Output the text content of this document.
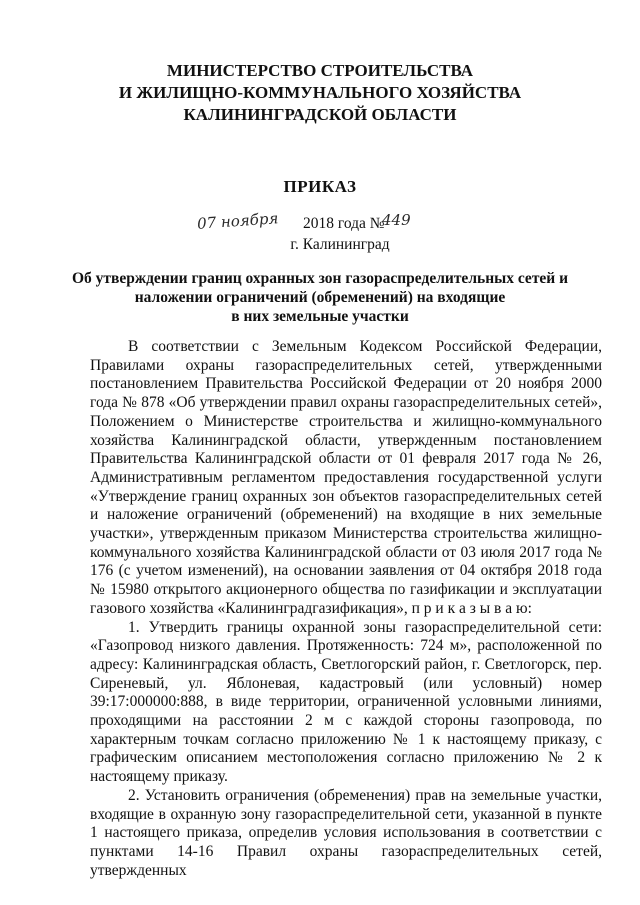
МИНИСТЕРСТВО СТРОИТЕЛЬСТВА
И ЖИЛИЩНО-КОММУНАЛЬНОГО ХОЗЯЙСТВА
КАЛИНИНГРАДСКОЙ ОБЛАСТИ
ПРИКАЗ
07 ноября 2018 года №
449
г. Калининград
Об утверждении границ охранных зон газораспределительных сетей и
наложении ограничений (обременений) на входящие
в них земельные участки

В соответствии с Земельным Кодексом Российской Федерации, Правилами охраны газораспределительных сетей, утвержденными постановлением Правительства Российской Федерации от 20 ноября 2000 года № 878 «Об утверждении правил охраны газораспределительных сетей», Положением о Министерстве строительства и жилищно-коммунального хозяйства Калининградской области, утвержденным постановлением Правительства Калининградской области от 01 февраля 2017 года № 26, Административным регламентом предоставления государственной услуги «Утверждение границ охранных зон объектов газораспределительных сетей и наложение ограничений (обременений) на входящие в них земельные участки», утвержденным приказом Министерства строительства жилищно-коммунального хозяйства Калининградской области от 03 июля 2017 года № 176 (с учетом изменений), на основании заявления от 04 октября 2018 года № 15980 открытого акционерного общества по газификации и эксплуатации газового хозяйства «Калининградгазификация», п р и к а з ы в а ю:

1. Утвердить границы охранной зоны газораспределительной сети: «Газопровод низкого давления. Протяженность: 724 м», расположенной по адресу: Калининградская область, Светлогорский район, г. Светлогорск, пер. Сиреневый, ул. Яблоневая, кадастровый (или условный) номер 39:17:000000:888, в виде территории, ограниченной условными линиями, проходящими на расстоянии 2 м с каждой стороны газопровода, по характерным точкам согласно приложению № 1 к настоящему приказу, с графическим описанием местоположения согласно приложению № 2 к настоящему приказу.

2. Установить ограничения (обременения) прав на земельные участки, входящие в охранную зону газораспределительной сети, указанной в пункте 1 настоящего приказа, определив условия использования в соответствии с пунктами 14-16 Правил охраны газораспределительных сетей, утвержденных
